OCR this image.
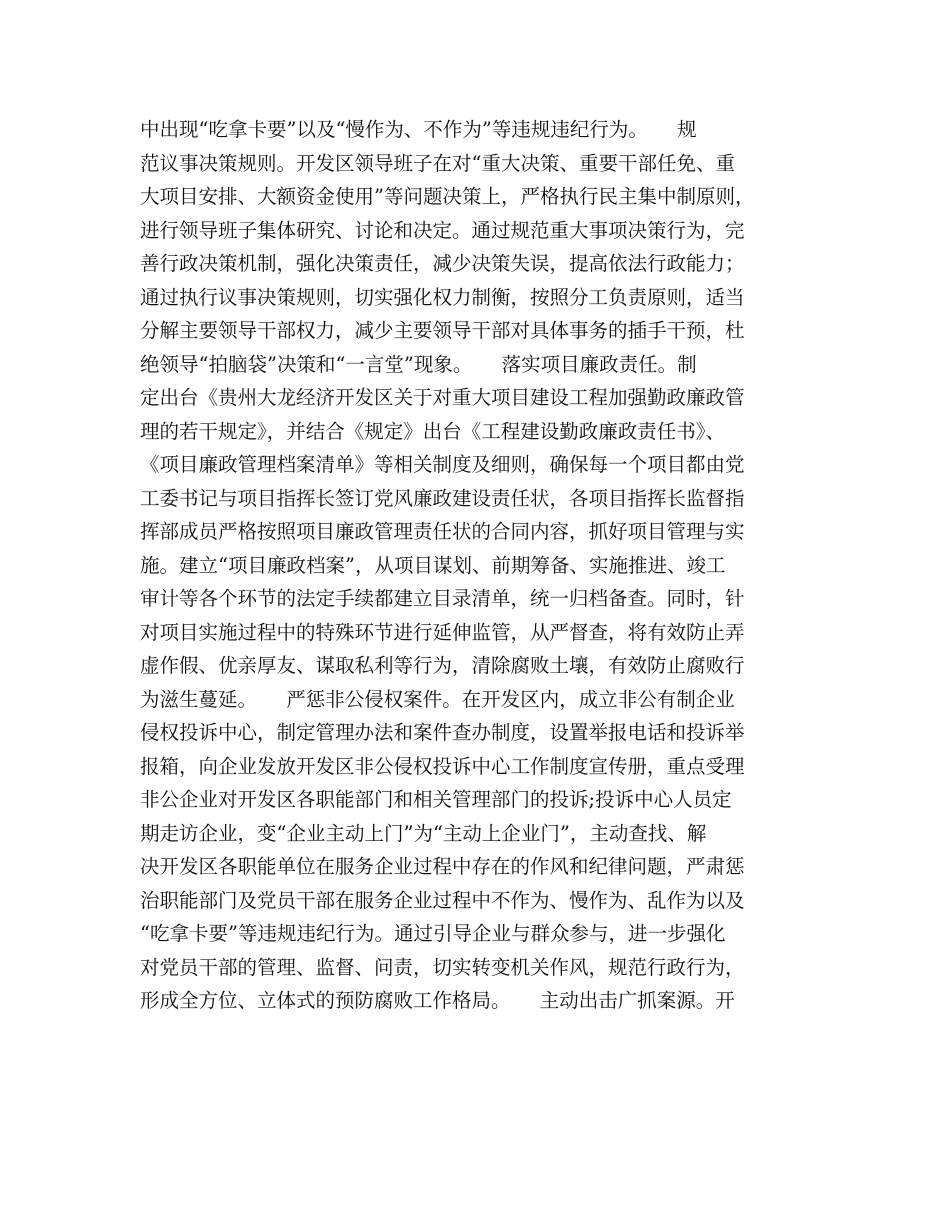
中出现“吃拿卡要”以及“慢作为、不作为”等违规违纪行为。　　规
范议事决策规则。开发区领导班子在对“重大决策、重要干部任免、重
大项目安排、大额资金使用”等问题决策上，严格执行民主集中制原则，
进行领导班子集体研究、讨论和决定。通过规范重大事项决策行为，完
善行政决策机制，强化决策责任，减少决策失误，提高依法行政能力；
通过执行议事决策规则，切实强化权力制衡，按照分工负责原则，适当
分解主要领导干部权力，减少主要领导干部对具体事务的插手干预，杜
绝领导“拍脑袋”决策和“一言堂”现象。　　落实项目廉政责任。制
定出台《贵州大龙经济开发区关于对重大项目建设工程加强勤政廉政管
理的若干规定》，并结合《规定》出台《工程建设勤政廉政责任书》、
《项目廉政管理档案清单》等相关制度及细则，确保每一个项目都由党
工委书记与项目指挥长签订党风廉政建设责任状，各项目指挥长监督指
挥部成员严格按照项目廉政管理责任状的合同内容，抓好项目管理与实
施。建立“项目廉政档案”，从项目谋划、前期筹备、实施推进、竣工
审计等各个环节的法定手续都建立目录清单，统一归档备查。同时，针
对项目实施过程中的特殊环节进行延伸监管，从严督查，将有效防止弄
虚作假、优亲厚友、谋取私利等行为，清除腐败土壤，有效防止腐败行
为滋生蔓延。　　严惩非公侵权案件。在开发区内，成立非公有制企业
侵权投诉中心，制定管理办法和案件查办制度，设置举报电话和投诉举
报箱，向企业发放开发区非公侵权投诉中心工作制度宣传册，重点受理
非公企业对开发区各职能部门和相关管理部门的投诉;投诉中心人员定
期走访企业，变“企业主动上门”为“主动上企业门”，主动查找、解
决开发区各职能单位在服务企业过程中存在的作风和纪律问题，严肃惩
治职能部门及党员干部在服务企业过程中不作为、慢作为、乱作为以及
“吃拿卡要”等违规违纪行为。通过引导企业与群众参与，进一步强化
对党员干部的管理、监督、问责，切实转变机关作风，规范行政行为，
形成全方位、立体式的预防腐败工作格局。　　主动出击广抓案源。开
